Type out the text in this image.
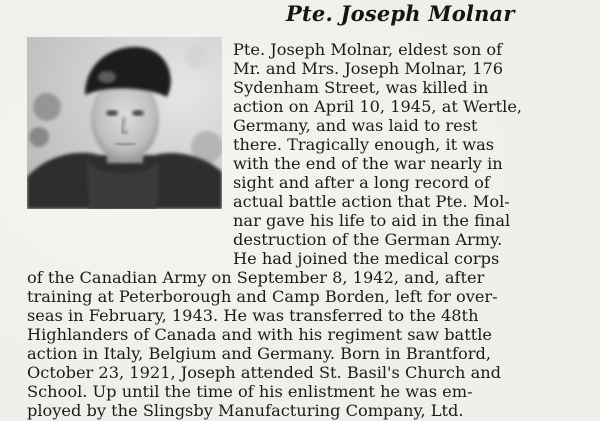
Pte. Joseph Molnar
Pte. Joseph Molnar, eldest son of
Mr. and Mrs. Joseph Molnar, 176
Sydenham Street, was killed in
action on April 10, 1945, at Wertle,
Germany, and was laid to rest
there. Tragically enough, it was
with the end of the war nearly in
sight and after a long record of
actual battle action that Pte. Mol-
nar gave his life to aid in the final
destruction of the German Army.
He had joined the medical corps
of the Canadian Army on September 8, 1942, and, after
training at Peterborough and Camp Borden, left for over-
seas in February, 1943. He was transferred to the 48th
Highlanders of Canada and with his regiment saw battle
action in Italy, Belgium and Germany. Born in Brantford,
October 23, 1921, Joseph attended St. Basil's Church and
School. Up until the time of his enlistment he was em-
ployed by the Slingsby Manufacturing Company, Ltd.
